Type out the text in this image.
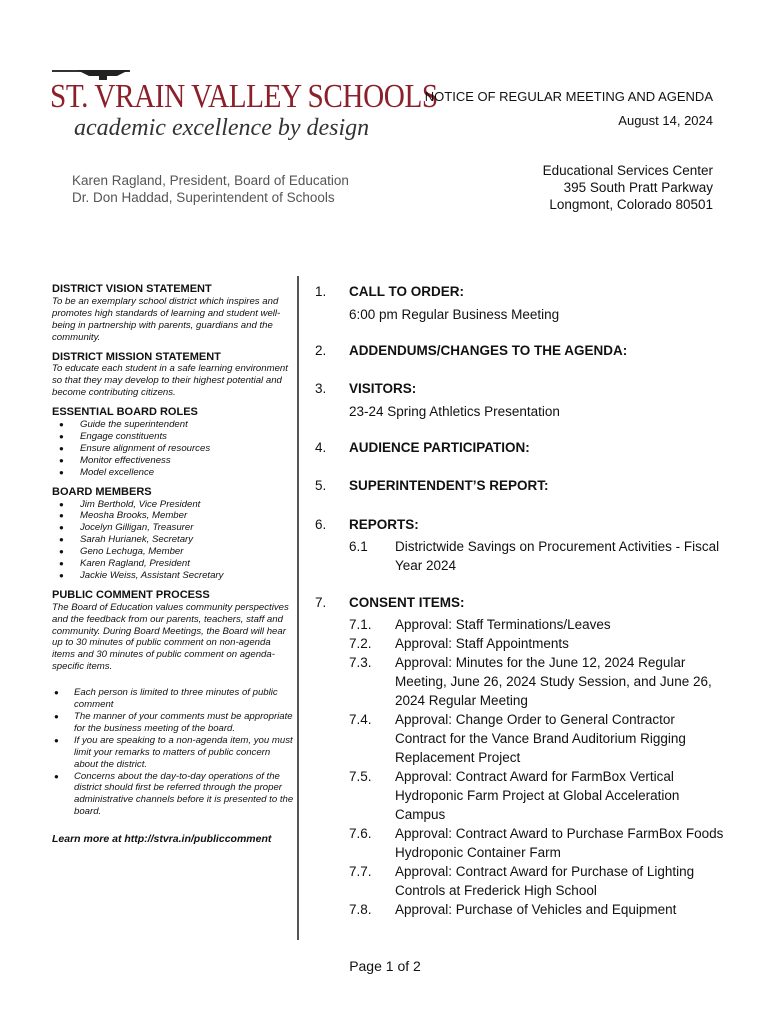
ST. VRAIN VALLEY SCHOOLS
academic excellence by design
NOTICE OF REGULAR MEETING AND AGENDA
August 14, 2024
Karen Ragland, President, Board of Education
Dr. Don Haddad, Superintendent of Schools
Educational Services Center
395 South Pratt Parkway
Longmont, Colorado 80501

DISTRICT VISION STATEMENT

To be an exemplary school district which inspires and promotes high standards of learning and student well-being in partnership with parents, guardians and the community.

DISTRICT MISSION STATEMENT

To educate each student in a safe learning environment so that they may develop to their highest potential and become contributing citizens.

ESSENTIAL BOARD ROLES

● Guide the superintendent
● Engage constituents
● Ensure alignment of resources
● Monitor effectiveness
● Model excellence

BOARD MEMBERS

● Jim Berthold, Vice President
● Meosha Brooks, Member
● Jocelyn Gilligan, Treasurer
● Sarah Hurianek, Secretary
● Geno Lechuga, Member
● Karen Ragland, President
● Jackie Weiss, Assistant Secretary

PUBLIC COMMENT PROCESS

The Board of Education values community perspectives and the feedback from our parents, teachers, staff and community. During Board Meetings, the Board will hear up to 30 minutes of public comment on non-agenda items and 30 minutes of public comment on agenda-specific items.

● Each person is limited to three minutes of public comment
● The manner of your comments must be appropriate for the business meeting of the board.
● If you are speaking to a non-agenda item, you must limit your remarks to matters of public concern about the district.
● Concerns about the day-to-day operations of the district should first be referred through the proper administrative channels before it is presented to the board.
Learn more at http://stvra.in/publiccomment
1.	CALL TO ORDER:
6:00 pm Regular Business Meeting
2.	ADDENDUMS/CHANGES TO THE AGENDA:
3.	VISITORS:
23-24 Spring Athletics Presentation
4.	AUDIENCE PARTICIPATION:
5.	SUPERINTENDENT’S REPORT:
6.	REPORTS:
6.1	Districtwide Savings on Procurement Activities - Fiscal Year 2024
7.	CONSENT ITEMS:
7.1.	Approval: Staff Terminations/Leaves
7.2.	Approval: Staff Appointments
7.3.	Approval: Minutes for the June 12, 2024 Regular Meeting, June 26, 2024 Study Session, and June 26, 2024 Regular Meeting
7.4.	Approval: Change Order to General Contractor Contract for the Vance Brand Auditorium Rigging Replacement Project
7.5.	Approval: Contract Award for FarmBox Vertical Hydroponic Farm Project at Global Acceleration Campus
7.6.	Approval: Contract Award to Purchase FarmBox Foods Hydroponic Container Farm
7.7.	Approval: Contract Award for Purchase of Lighting Controls at Frederick High School
7.8.	Approval: Purchase of Vehicles and Equipment
Page 1 of 2
